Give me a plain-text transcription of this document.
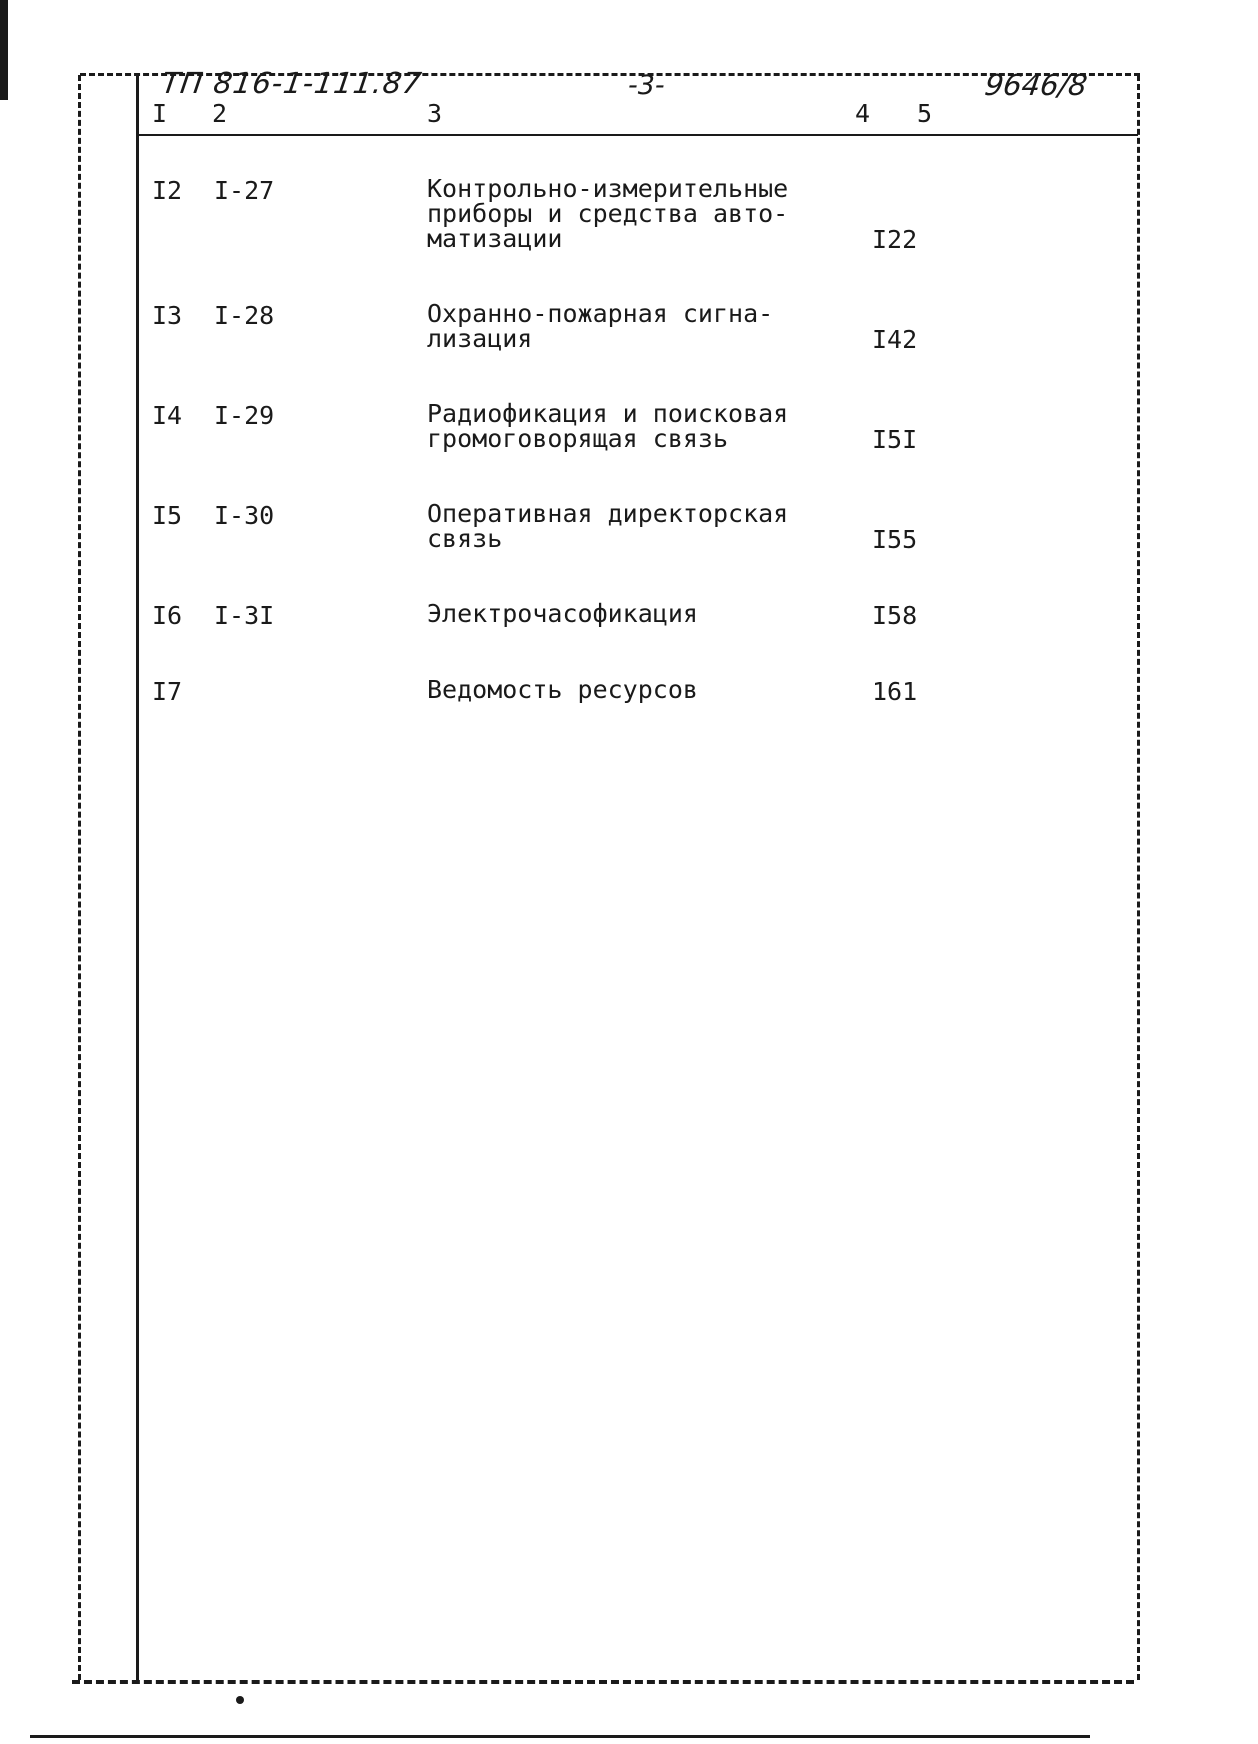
ТП 816-1-111.87	-3-	9646/8
I 2	3	4 5
I2 I-27	Контрольно-измерительные
приборы и средства авто-
матизации	I22
I3 I-28	Охранно-пожарная сигна-
лизация	I42
I4 I-29	Радиофикация и поисковая
громоговорящая связь	I5I
I5 I-30	Оперативная директорская
связь	I55
I6 I-3I	Электрочасофикация	I58
I7	Ведомость ресурсов	161
